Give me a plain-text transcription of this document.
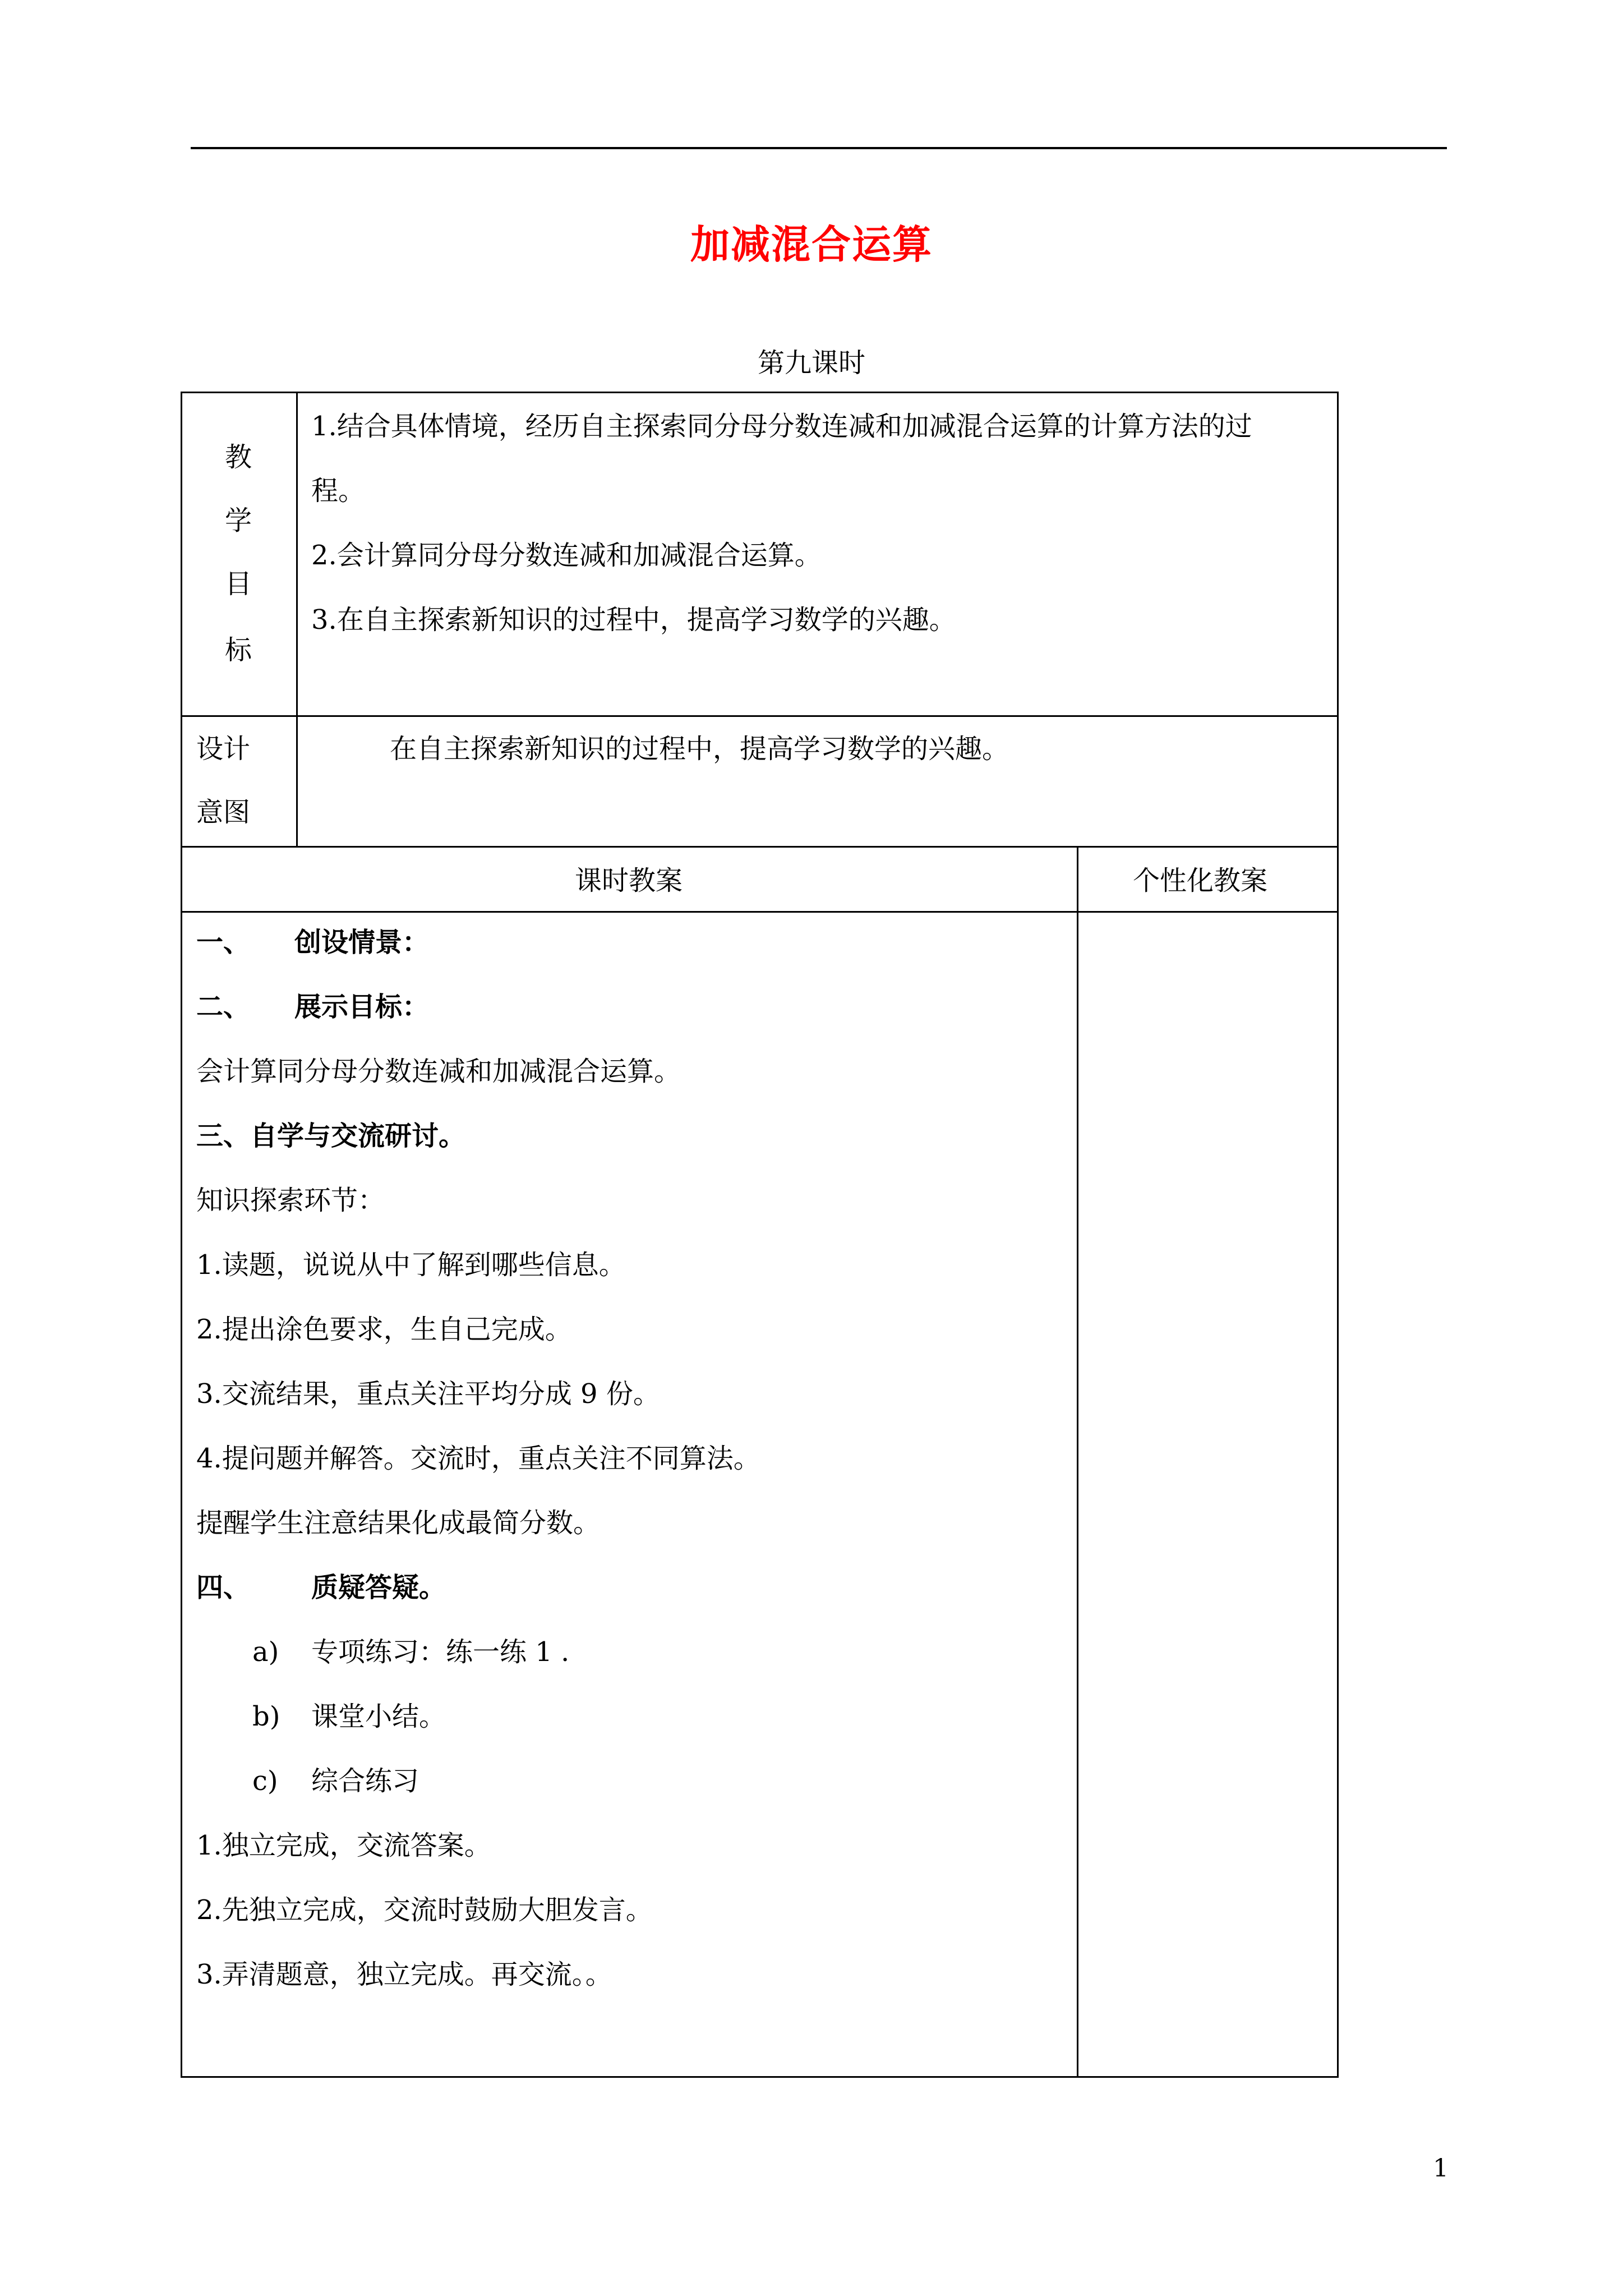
加减混合运算
第九课时
教
学
目
标
1.结合具体情境，经历自主探索同分母分数连减和加减混合运算的计算方法的过
程。
2.会计算同分母分数连减和加减混合运算。
3.在自主探索新知识的过程中，提高学习数学的兴趣。
设计
意图
在自主探索新知识的过程中，提高学习数学的兴趣。
课时教案	个性化教案
一、 创设情景：
二、 展示目标：
会计算同分母分数连减和加减混合运算。
三、自学与交流研讨。
知识探索环节：
1.读题，说说从中了解到哪些信息。
2.提出涂色要求，生自己完成。
3.交流结果，重点关注平均分成 9 份。
4.提问题并解答。交流时，重点关注不同算法。
提醒学生注意结果化成最简分数。
四、 质疑答疑。
a) 专项练习：练一练 1 .
b) 课堂小结。
c) 综合练习
1.独立完成，交流答案。
2.先独立完成，交流时鼓励大胆发言。
3.弄清题意，独立完成。再交流。。
1
